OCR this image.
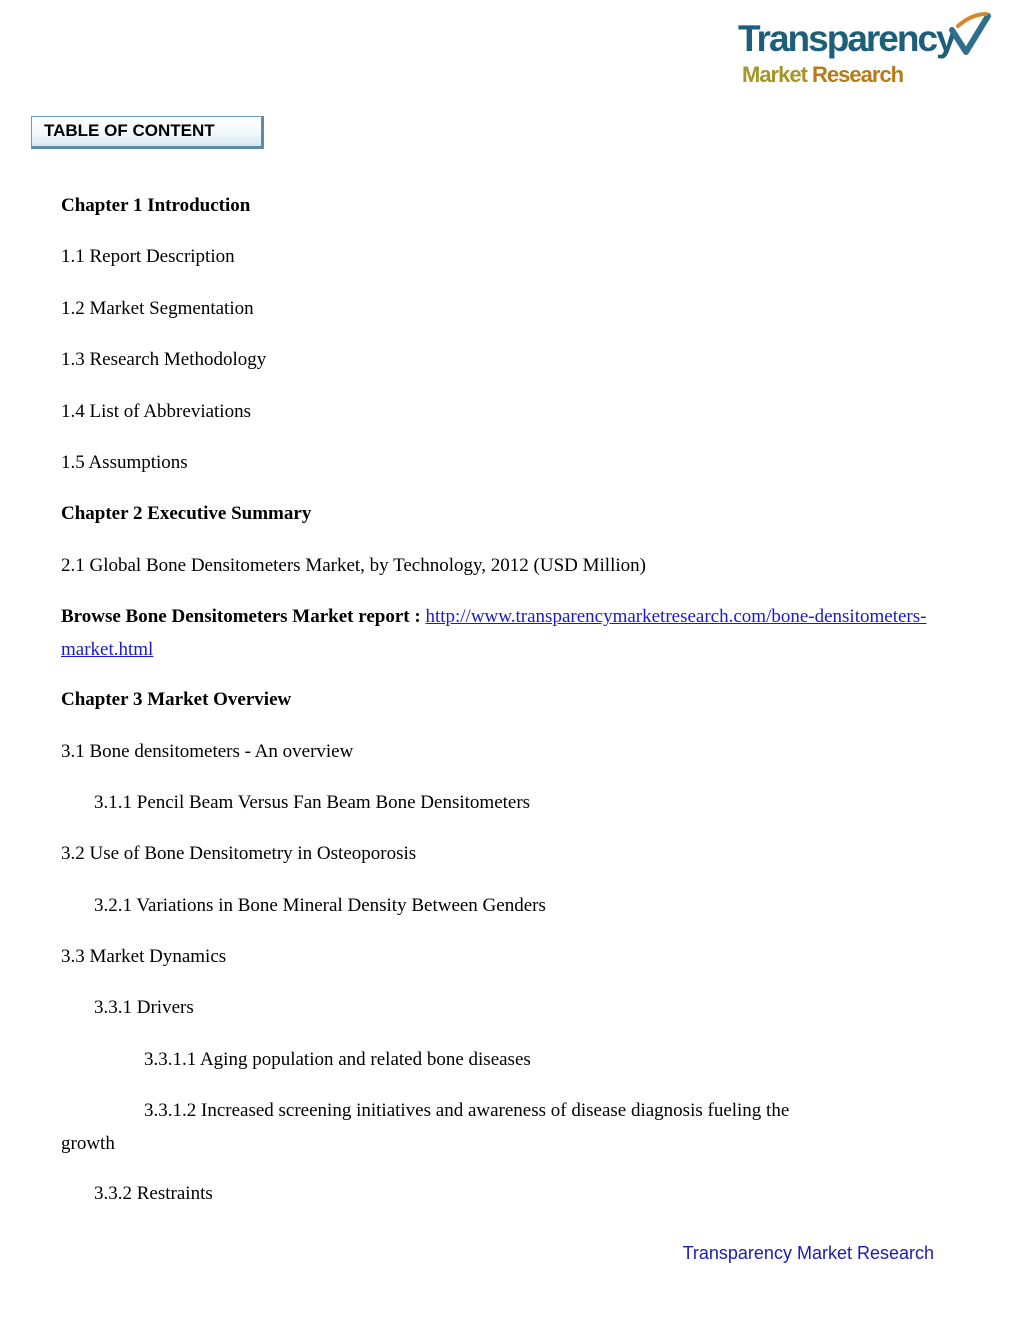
Transparency
Market Research
TABLE OF CONTENT
Chapter 1 Introduction
1.1 Report Description
1.2 Market Segmentation
1.3 Research Methodology
1.4 List of Abbreviations
1.5 Assumptions
Chapter 2 Executive Summary
2.1 Global Bone Densitometers Market, by Technology, 2012 (USD Million)
Browse Bone Densitometers Market report : http://www.transparencymarketresearch.com/bone-densitometers-market.html
Chapter 3 Market Overview
3.1 Bone densitometers - An overview
3.1.1 Pencil Beam Versus Fan Beam Bone Densitometers
3.2 Use of Bone Densitometry in Osteoporosis
3.2.1 Variations in Bone Mineral Density Between Genders
3.3 Market Dynamics
3.3.1 Drivers
3.3.1.1 Aging population and related bone diseases
3.3.1.2 Increased screening initiatives and awareness of disease diagnosis fueling the
growth
3.3.2 Restraints
Transparency Market Research
